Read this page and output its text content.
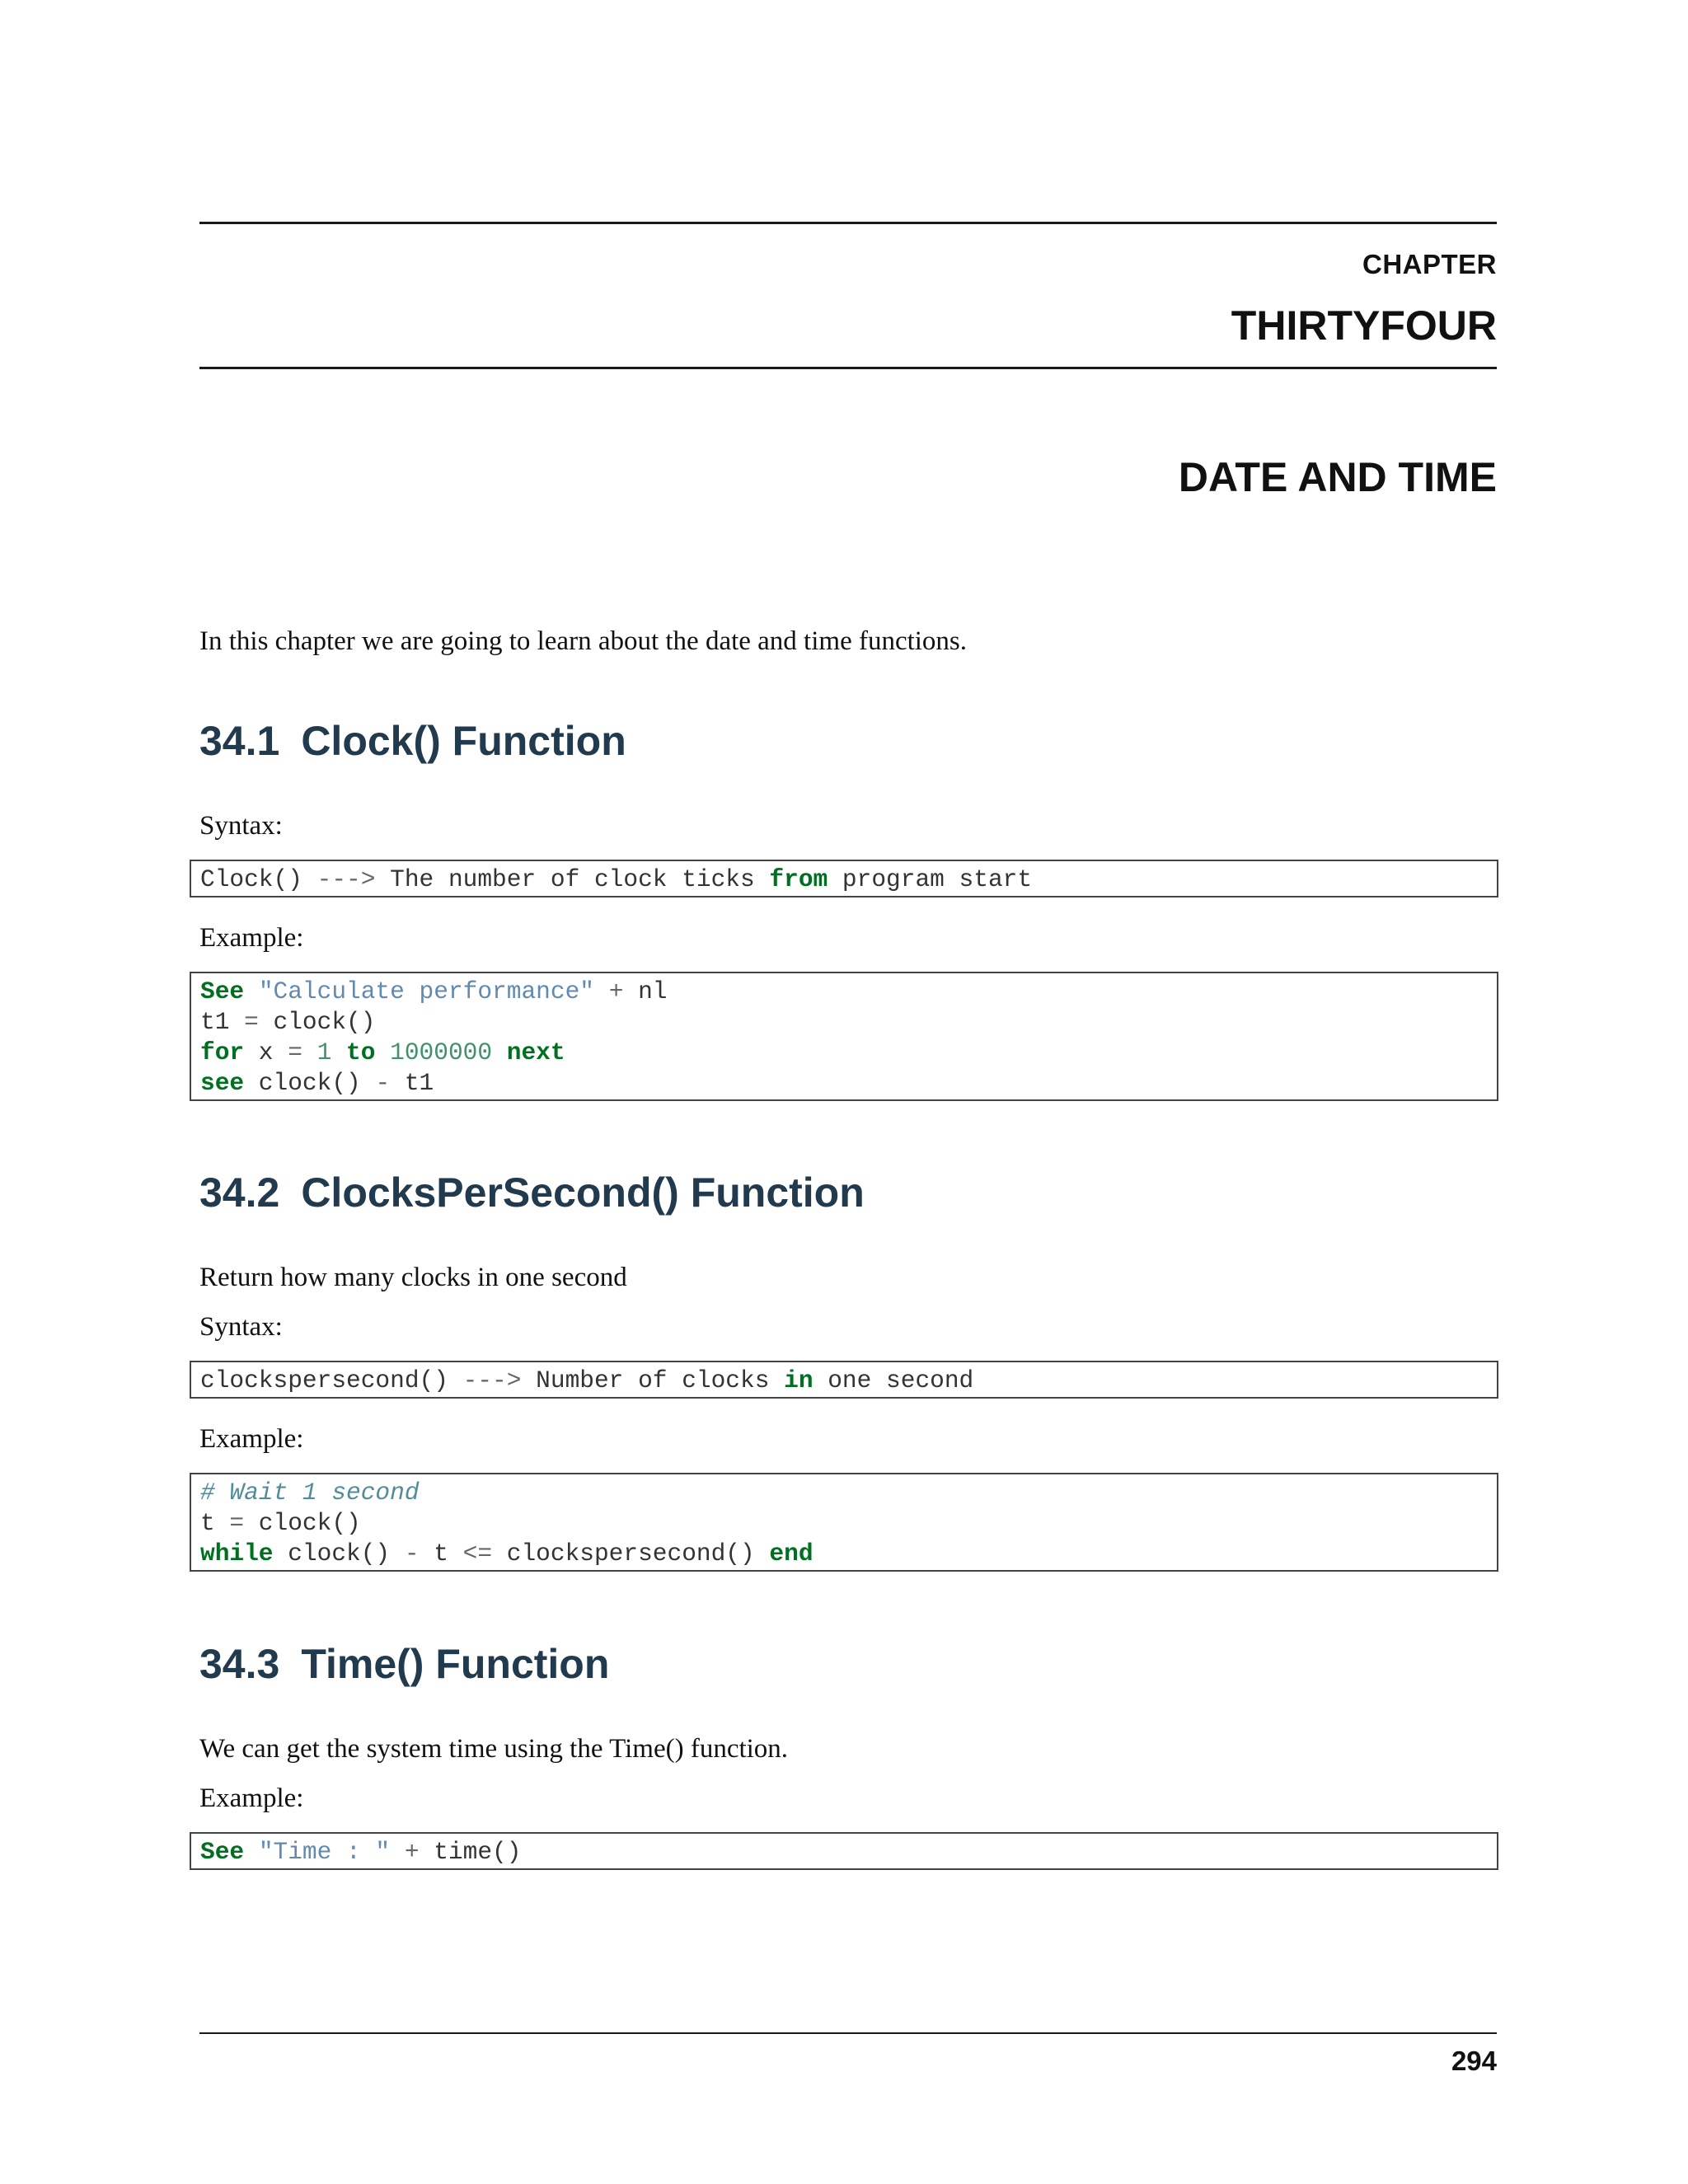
CHAPTER
THIRTYFOUR
DATE AND TIME
In this chapter we are going to learn about the date and time functions.
34.1 Clock() Function
Syntax:
Clock() ---> The number of clock ticks from program start
Example:
See "Calculate performance" + nl
t1 = clock()
for x = 1 to 1000000 next
see clock() - t1
34.2 ClocksPerSecond() Function
Return how many clocks in one second
Syntax:
clockspersecond() ---> Number of clocks in one second
Example:
# Wait 1 second
t = clock()
while clock() - t <= clockspersecond() end
34.3 Time() Function
We can get the system time using the Time() function.
Example:
See "Time : " + time()
294
